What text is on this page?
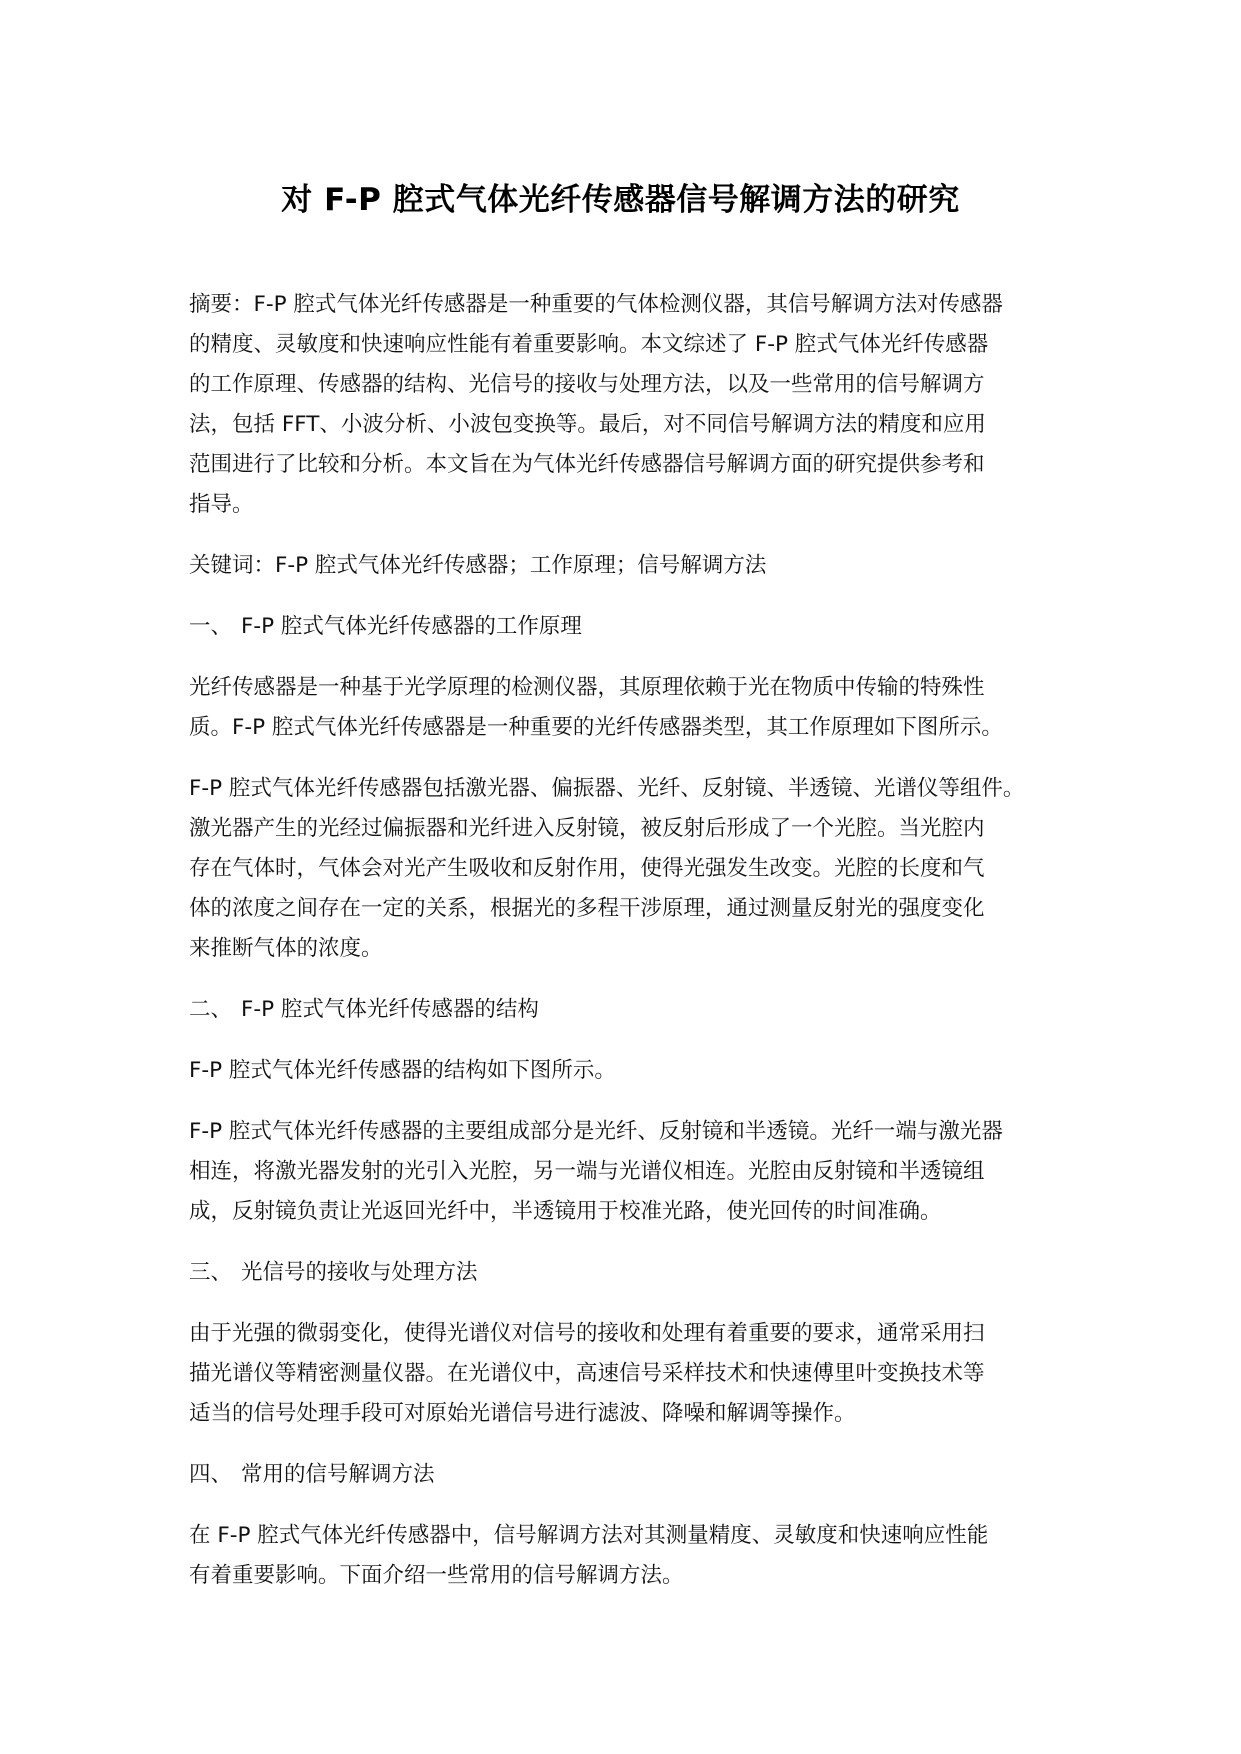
对 F-P 腔式气体光纤传感器信号解调方法的研究

摘要：F-P 腔式气体光纤传感器是一种重要的气体检测仪器，其信号解调方法对传感器
的精度、灵敏度和快速响应性能有着重要影响。本文综述了 F-P 腔式气体光纤传感器
的工作原理、传感器的结构、光信号的接收与处理方法，以及一些常用的信号解调方
法，包括 FFT、小波分析、小波包变换等。最后，对不同信号解调方法的精度和应用
范围进行了比较和分析。本文旨在为气体光纤传感器信号解调方面的研究提供参考和
指导。

关键词：F-P 腔式气体光纤传感器；工作原理；信号解调方法

一、 F-P 腔式气体光纤传感器的工作原理

光纤传感器是一种基于光学原理的检测仪器，其原理依赖于光在物质中传输的特殊性
质。F-P 腔式气体光纤传感器是一种重要的光纤传感器类型，其工作原理如下图所示。

F-P 腔式气体光纤传感器包括激光器、偏振器、光纤、反射镜、半透镜、光谱仪等组件。
激光器产生的光经过偏振器和光纤进入反射镜，被反射后形成了一个光腔。当光腔内
存在气体时，气体会对光产生吸收和反射作用，使得光强发生改变。光腔的长度和气
体的浓度之间存在一定的关系，根据光的多程干涉原理，通过测量反射光的强度变化
来推断气体的浓度。

二、 F-P 腔式气体光纤传感器的结构

F-P 腔式气体光纤传感器的结构如下图所示。

F-P 腔式气体光纤传感器的主要组成部分是光纤、反射镜和半透镜。光纤一端与激光器
相连，将激光器发射的光引入光腔，另一端与光谱仪相连。光腔由反射镜和半透镜组
成，反射镜负责让光返回光纤中，半透镜用于校准光路，使光回传的时间准确。

三、 光信号的接收与处理方法

由于光强的微弱变化，使得光谱仪对信号的接收和处理有着重要的要求，通常采用扫
描光谱仪等精密测量仪器。在光谱仪中，高速信号采样技术和快速傅里叶变换技术等
适当的信号处理手段可对原始光谱信号进行滤波、降噪和解调等操作。

四、 常用的信号解调方法

在 F-P 腔式气体光纤传感器中，信号解调方法对其测量精度、灵敏度和快速响应性能
有着重要影响。下面介绍一些常用的信号解调方法。
